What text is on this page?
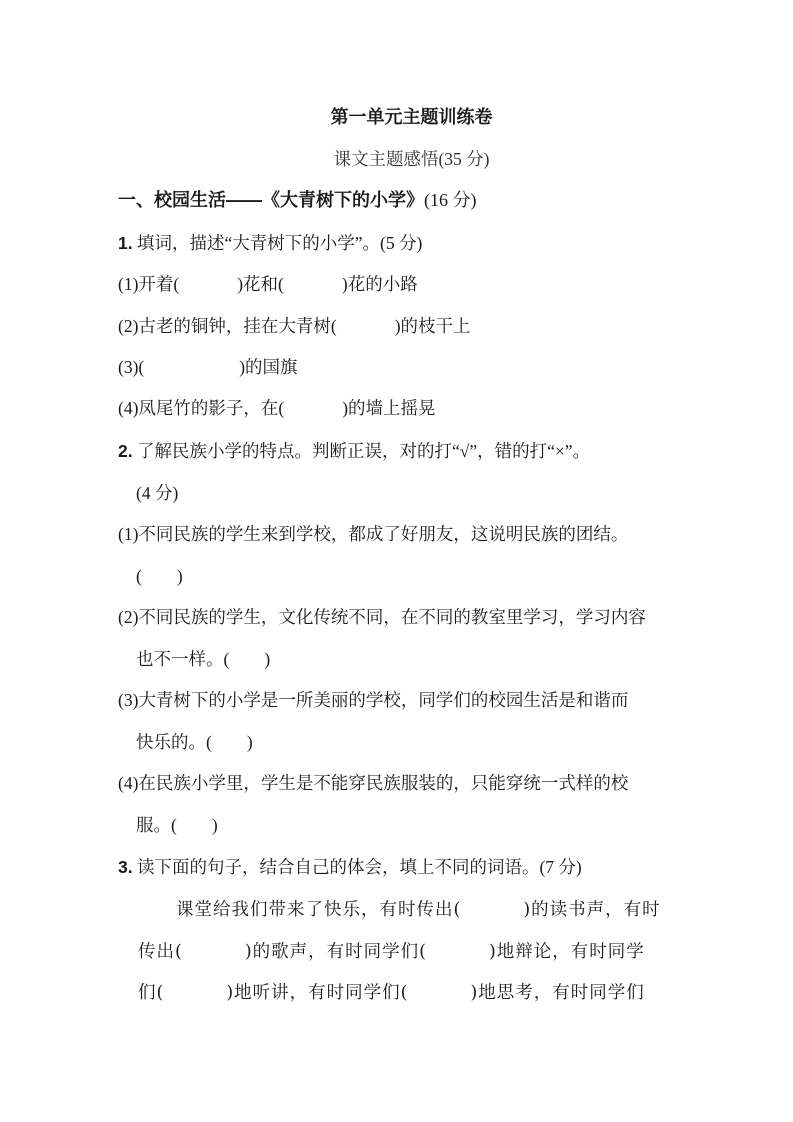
第一单元主题训练卷
课文主题感悟(35 分)
一、校园生活——《大青树下的小学》(16 分)
1. 填词，描述“大青树下的小学”。(5 分)
(1)开着(	)花和(	)花的小路
(2)古老的铜钟，挂在大青树(	)的枝干上
(3)(	)的国旗
(4)凤尾竹的影子，在(	)的墙上摇晃
2. 了解民族小学的特点。判断正误，对的打“√”，错的打“×”。
(4 分)
(1)不同民族的学生来到学校，都成了好朋友，这说明民族的团结。
(　　)
(2)不同民族的学生，文化传统不同，在不同的教室里学习，学习内容
也不一样。(　　)
(3)大青树下的小学是一所美丽的学校，同学们的校园生活是和谐而
快乐的。(　　)
(4)在民族小学里，学生是不能穿民族服装的，只能穿统一式样的校
服。(　　)
3. 读下面的句子，结合自己的体会，填上不同的词语。(7 分)
课堂给我们带来了快乐，有时传出(	)的读书声，有时
传出(	)的歌声，有时同学们(	)地辩论，有时同学
们(	)地听讲，有时同学们(	)地思考，有时同学们
